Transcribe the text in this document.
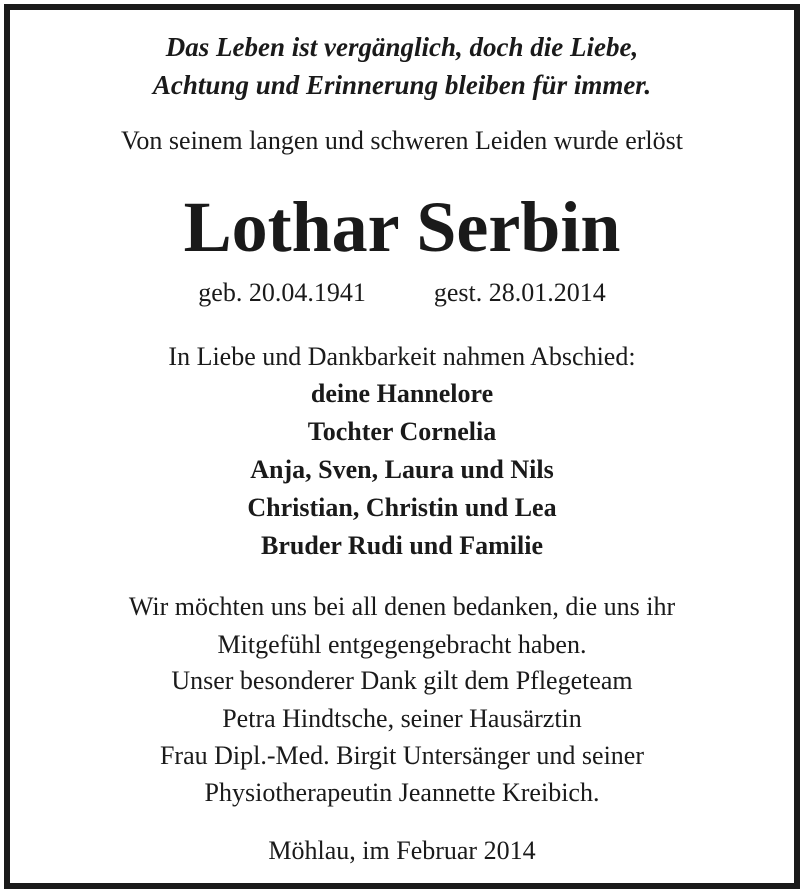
Das Leben ist vergänglich, doch die Liebe,
Achtung und Erinnerung bleiben für immer.
Von seinem langen und schweren Leiden wurde erlöst
Lothar Serbin
geb. 20.04.1941	gest. 28.01.2014
In Liebe und Dankbarkeit nahmen Abschied:
deine Hannelore
Tochter Cornelia
Anja, Sven, Laura und Nils
Christian, Christin und Lea
Bruder Rudi und Familie
Wir möchten uns bei all denen bedanken, die uns ihr
Mitgefühl entgegengebracht haben.
Unser besonderer Dank gilt dem Pflegeteam
Petra Hindtsche, seiner Hausärztin
Frau Dipl.-Med. Birgit Untersänger und seiner
Physiotherapeutin Jeannette Kreibich.
Möhlau, im Februar 2014
